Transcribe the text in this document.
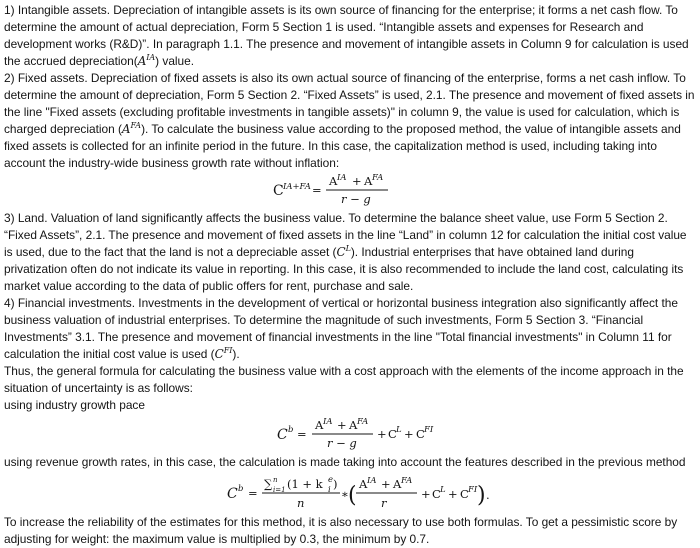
1) Intangible assets. Depreciation of intangible assets is its own source of financing for the enterprise; it forms a net cash flow. To determine the amount of actual depreciation, Form 5 Section 1 is used. “Intangible assets and expenses for Research and development works (R&D)”. In paragraph 1.1. The presence and movement of intangible assets in Column 9 for calculation is used the accrued $depreciation(A^{IA})$ value.

2) Fixed assets. Depreciation of fixed assets is also its own actual source of financing of the enterprise, forms a net cash inflow. To determine the amount of depreciation, Form 5 Section 2. “Fixed Assets” is used, 2.1. The presence and movement of fixed assets in the line "Fixed assets (excluding profitable investments in tangible assets)" in column 9, the value is used for calculation, which is charged depreciation $(A^{FA})$. To calculate the business value according to the proposed method, the value of intangible assets and fixed assets is collected for an infinite period in the future. In this case, the capitalization method is used, including taking into account the industry-wide business growth rate without inflation:

C IA+FA =
A IA + A FA
r − g

3) Land. Valuation of land significantly affects the business value. To determine the balance sheet value, use Form 5 Section 2. “Fixed Assets”, 2.1. The presence and movement of fixed assets in the line “Land” in column 12 for calculation the initial cost value is used, due to the fact that the land is not a depreciable asset $(C^L)$. Industrial enterprises that have obtained land during privatization often do not indicate its value in reporting. In this case, it is also recommended to include the land cost, calculating its market value according to the data of public offers for rent, purchase and sale.

4) Financial investments. Investments in the development of vertical or horizontal business integration also significantly affect the business valuation of industrial enterprises. To determine the magnitude of such investments, Form 5 Section 3. “Financial Investments” 3.1. The presence and movement of financial investments in the line "Total financial investments" in Column 11 for calculation the initial cost value is used $(C^{FI})$.

Thus, the general formula for calculating the business value with a cost approach with the elements of the income approach in the situation of uncertainty is as follows:

using industry growth pace

C b =
A IA + A FA
r − g
+ C L + C FI

using revenue growth rates, in this case, the calculation is made taking into account the features described in the previous method

C b =
∑ i=1
n (1 + k i
e )
n
∗ ( A IA + A FA
r
+ C L + C FI ) .

To increase the reliability of the estimates for this method, it is also necessary to use both formulas. To get a pessimistic score by adjusting for weight: the maximum value is multiplied by 0.3, the minimum by 0.7.
